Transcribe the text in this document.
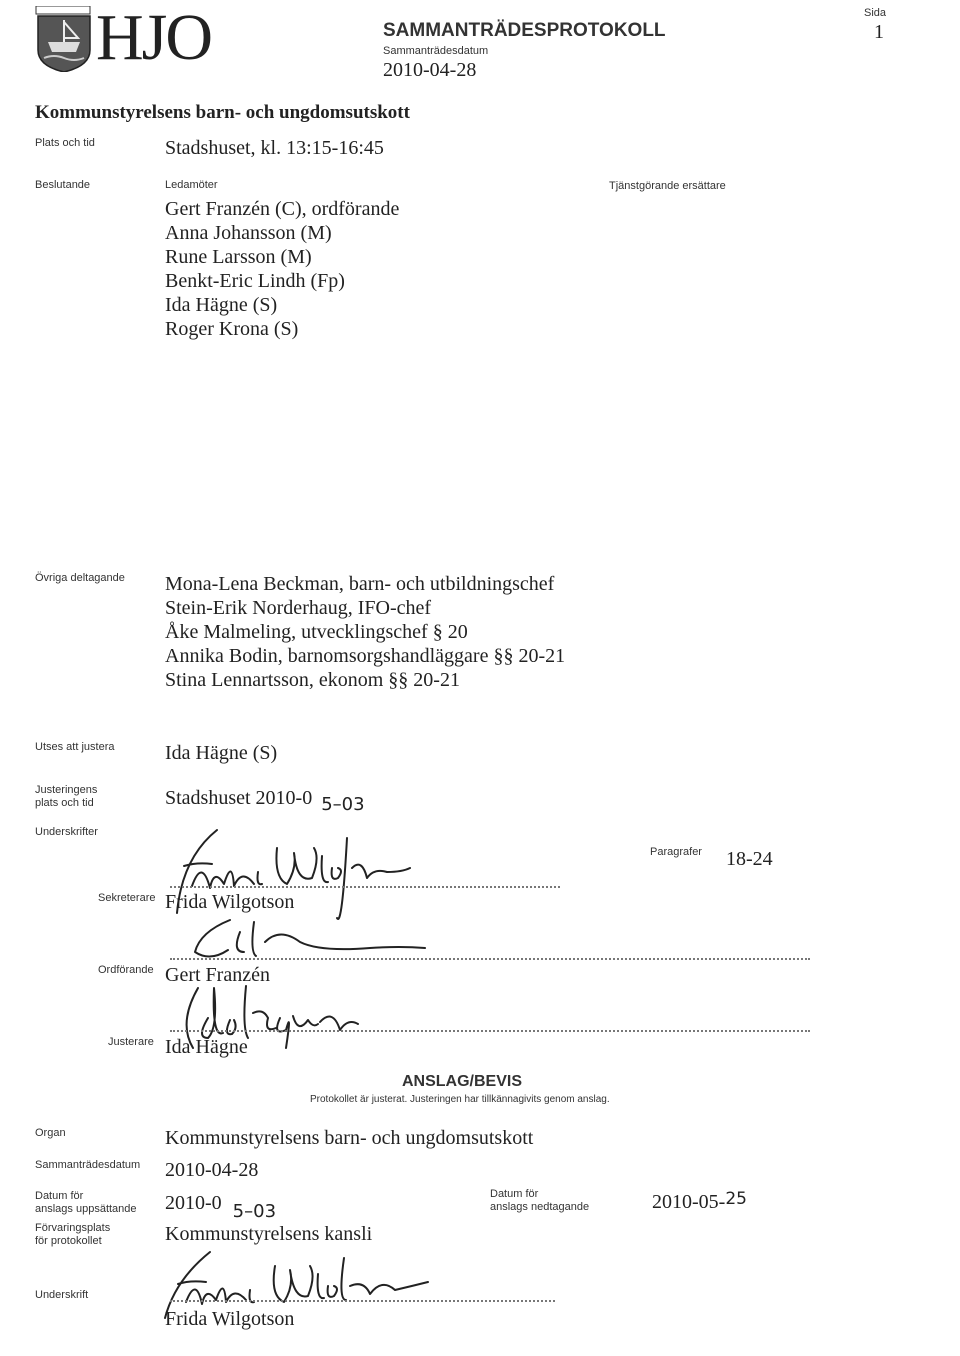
HJO	SAMMANTRÄDESPROTOKOLL
Sammanträdesdatum
2010-04-28
Sida
1
Kommunstyrelsens barn- och ungdomsutskott
Plats och tid	Stadshuset, kl. 13:15-16:45
Beslutande	Ledamöter	Tjänstgörande ersättare
Gert Franzén (C), ordförande
Anna Johansson (M)
Rune Larsson (M)
Benkt-Eric Lindh (Fp)
Ida Hägne (S)
Roger Krona (S)
Övriga deltagande Mona-Lena Beckman, barn- och utbildningschef
Stein-Erik Norderhaug, IFO-chef
Åke Malmeling, utvecklingschef § 20
Annika Bodin, barnomsorgshandläggare §§ 20-21
Stina Lennartsson, ekonom §§ 20-21
Utses att justera	Ida Hägne (S)
Justeringens
plats och tid	Stadshuset 2010-0 5–03
Underskrifter
Paragrafer 18-24
Sekreterare Frida Wilgotson
Ordförande Gert Franzén
Justerare Ida Hägne
ANSLAG/BEVIS
Protokollet är justerat. Justeringen har tillkännagivits genom anslag.
Organ	Kommunstyrelsens barn- och ungdomsutskott
Sammanträdesdatum 2010-04-28
Datum för
anslags uppsättande 2010-0 5–03
Datum för
anslags nedtagande	2010-05-$^{25}$
Förvaringsplats
för protokollet	Kommunstyrelsens kansli
Underskrift
Frida Wilgotson
